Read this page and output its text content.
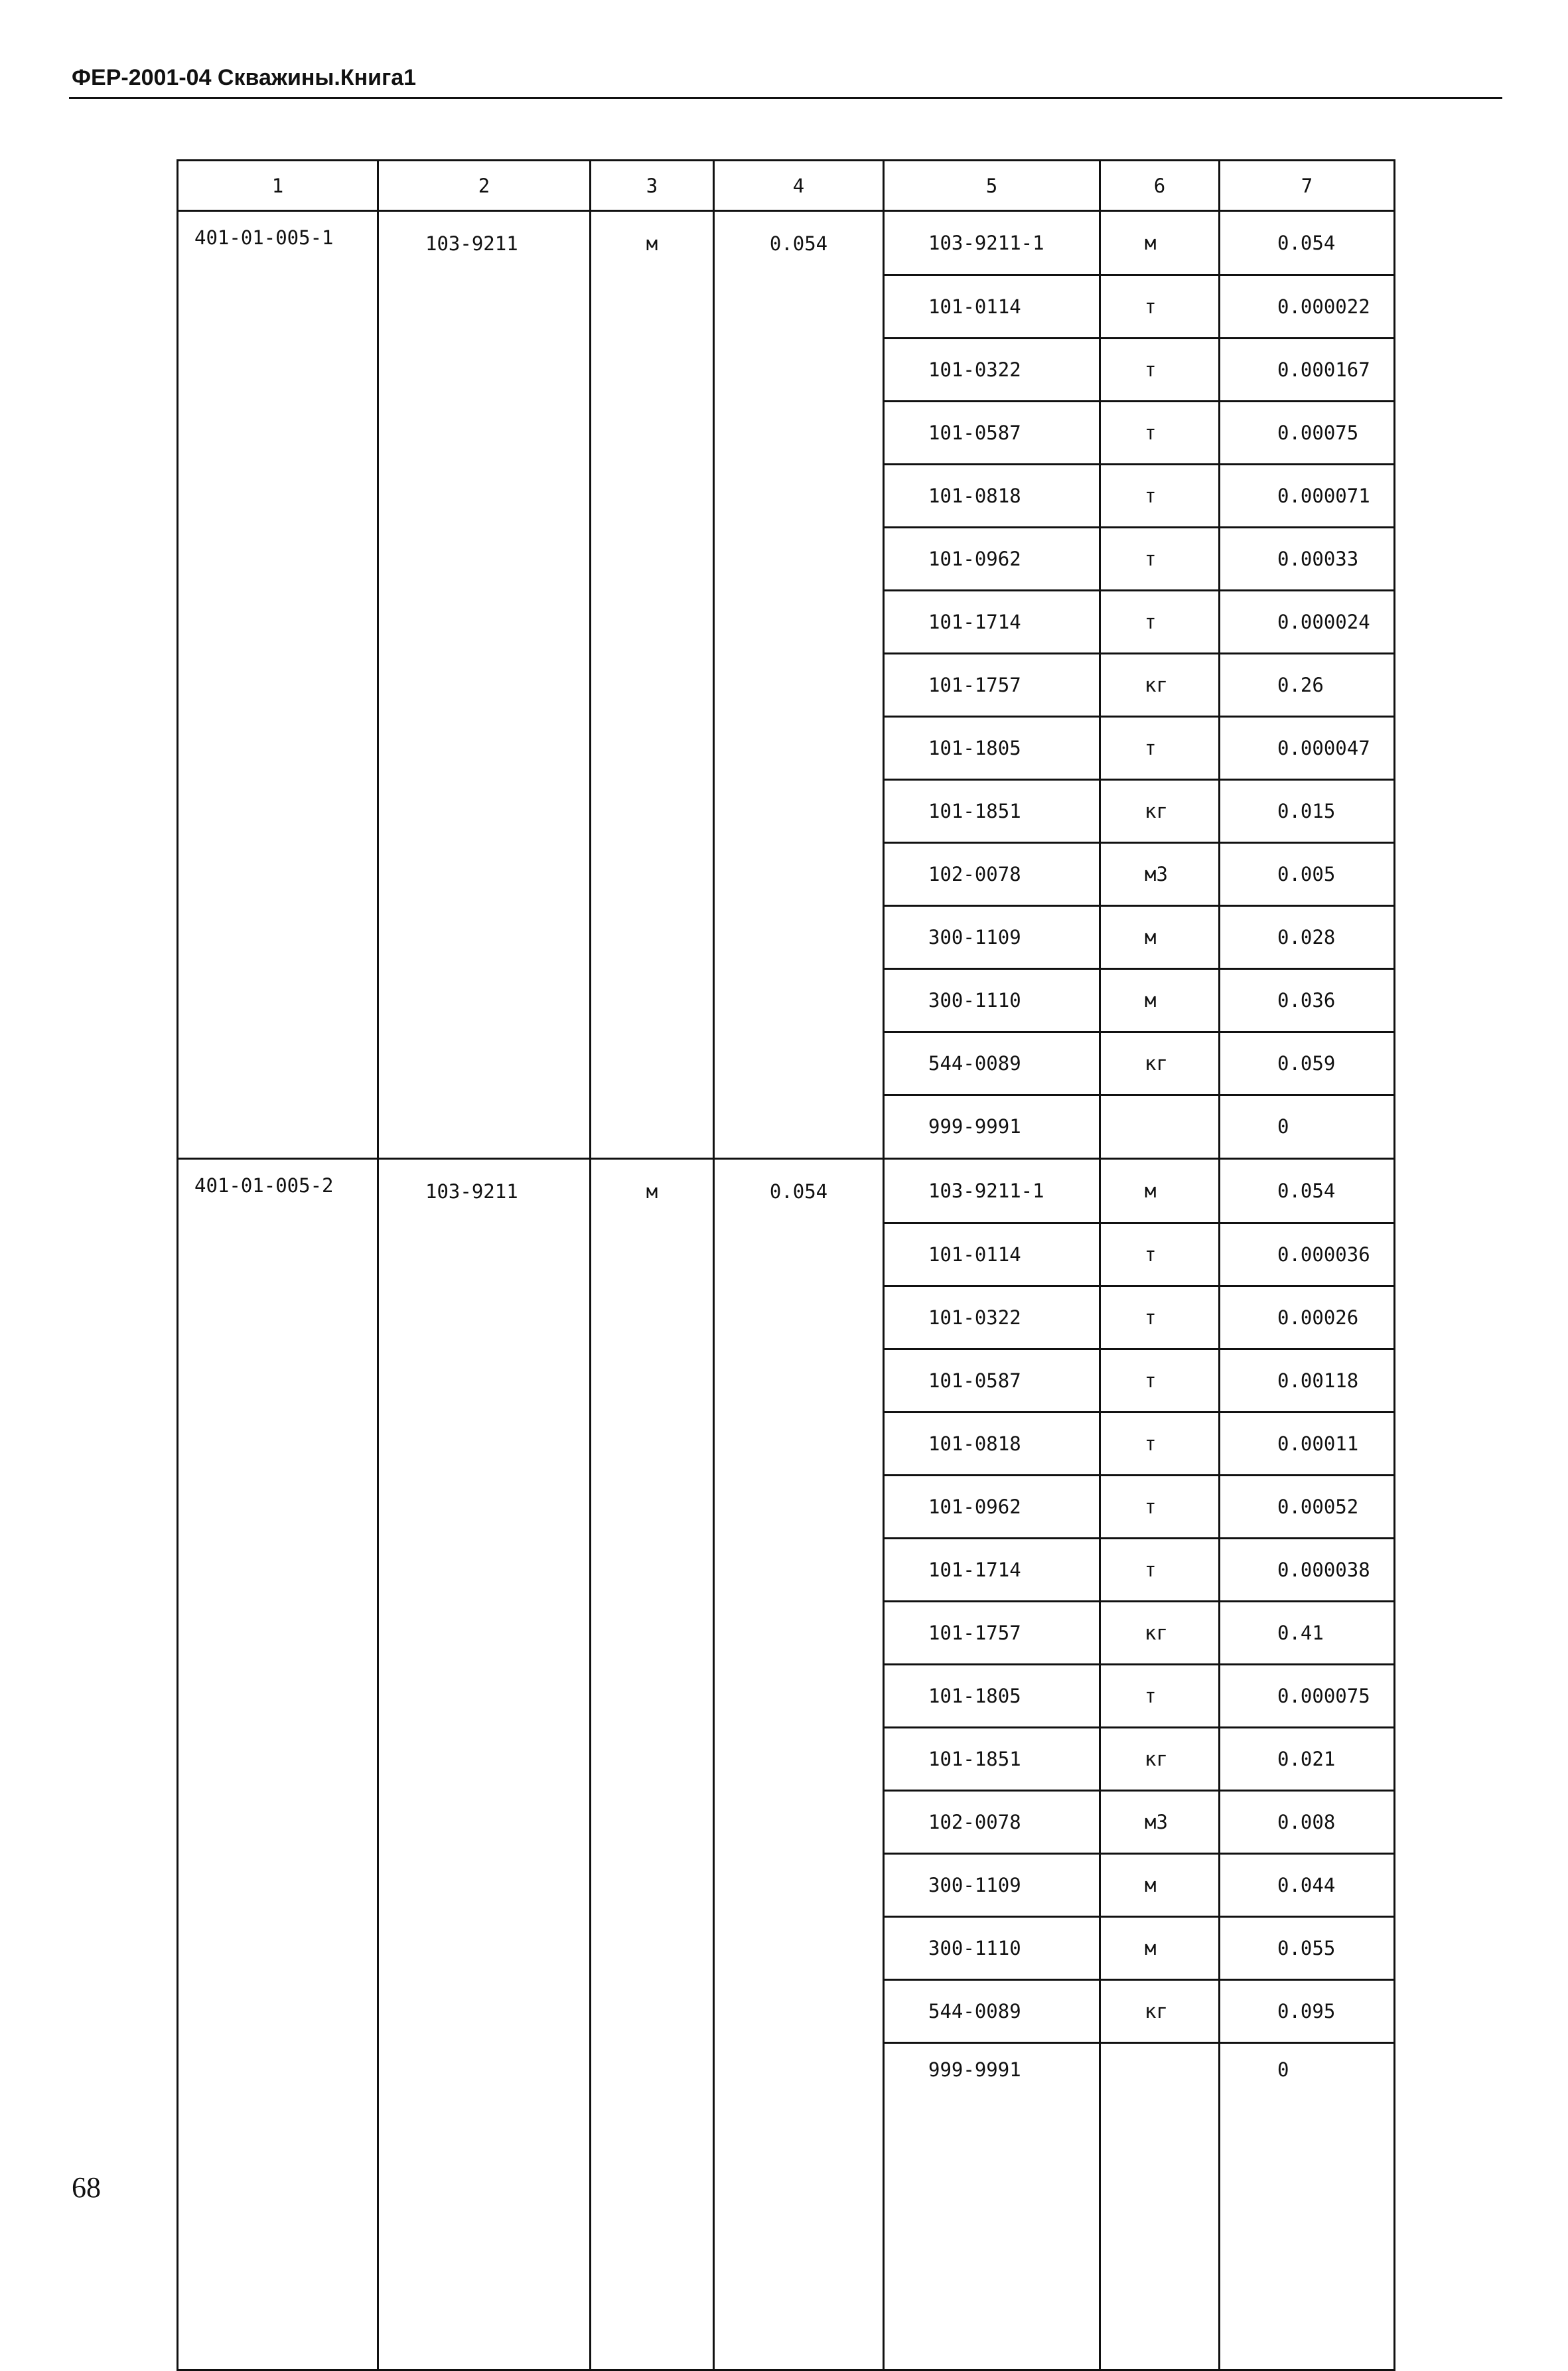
ФЕР-2001-04 Скважины.Книга1
1	2	3	4	5	6	7
401-01-005-1	103-9211	м	0.054	103-9211-1	м	0.054
				101-0114	т	0.000022
				101-0322	т	0.000167
				101-0587	т	0.00075
				101-0818	т	0.000071
				101-0962	т	0.00033
				101-1714	т	0.000024
				101-1757	кг	0.26
				101-1805	т	0.000047
				101-1851	кг	0.015
				102-0078	м3	0.005
				300-1109	м	0.028
				300-1110	м	0.036
				544-0089	кг	0.059
				999-9991		0
401-01-005-2	103-9211	м	0.054	103-9211-1	м	0.054
				101-0114	т	0.000036
				101-0322	т	0.00026
				101-0587	т	0.00118
				101-0818	т	0.00011
				101-0962	т	0.00052
				101-1714	т	0.000038
				101-1757	кг	0.41
				101-1805	т	0.000075
				101-1851	кг	0.021
				102-0078	м3	0.008
				300-1109	м	0.044
				300-1110	м	0.055
				544-0089	кг	0.095
				999-9991		0
68
